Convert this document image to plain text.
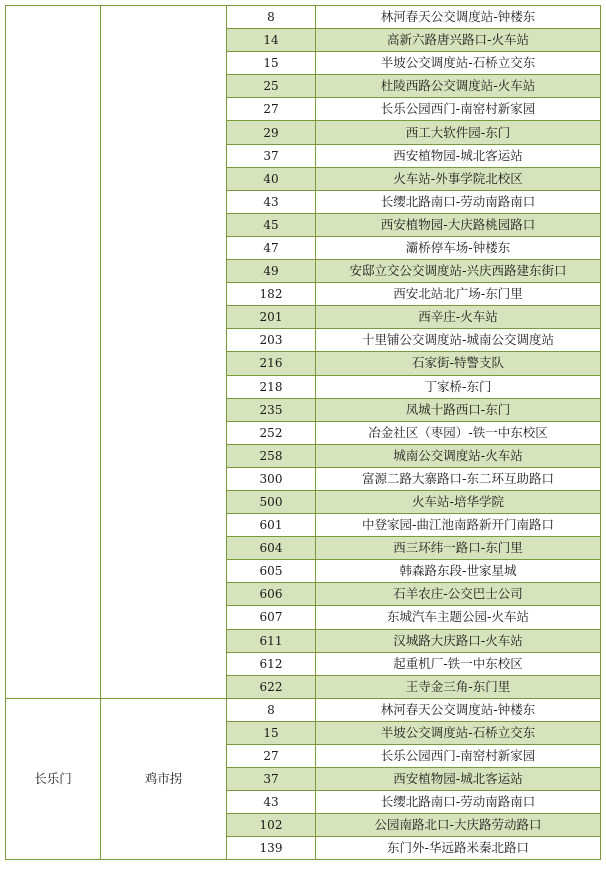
		8	林河春天公交调度站-钟楼东
		14	高新六路唐兴路口-火车站
		15	半坡公交调度站-石桥立交东
		25	杜陵西路公交调度站-火车站
		27	长乐公园西门-南窑村新家园
		29	西工大软件园-东门
		37	西安植物园-城北客运站
		40	火车站-外事学院北校区
		43	长缨北路南口-劳动南路南口
		45	西安植物园-大庆路桃园路口
		47	灞桥停车场-钟楼东
		49	安邸立交公交调度站-兴庆西路建东街口
		182	西安北站北广场-东门里
		201	西辛庄-火车站
		203	十里铺公交调度站-城南公交调度站
		216	石家街-特警支队
		218	丁家桥-东门
		235	凤城十路西口-东门
		252	冶金社区（枣园）-铁一中东校区
		258	城南公交调度站-火车站
		300	富源二路大寨路口-东二环互助路口
		500	火车站-培华学院
		601	中登家园-曲江池南路新开门南路口
		604	西三环纬一路口-东门里
		605	韩森路东段-世家星城
		606	石羊农庄-公交巴士公司
		607	东城汽车主题公园-火车站
		611	汉城路大庆路口-火车站
		612	起重机厂-铁一中东校区
		622	王寺金三角-东门里
长乐门	鸡市拐	8	林河春天公交调度站-钟楼东
		15	半坡公交调度站-石桥立交东
		27	长乐公园西门-南窑村新家园
		37	西安植物园-城北客运站
		43	长缨北路南口-劳动南路南口
		102	公园南路北口-大庆路劳动路口
		139	东门外-华远路米秦北路口
